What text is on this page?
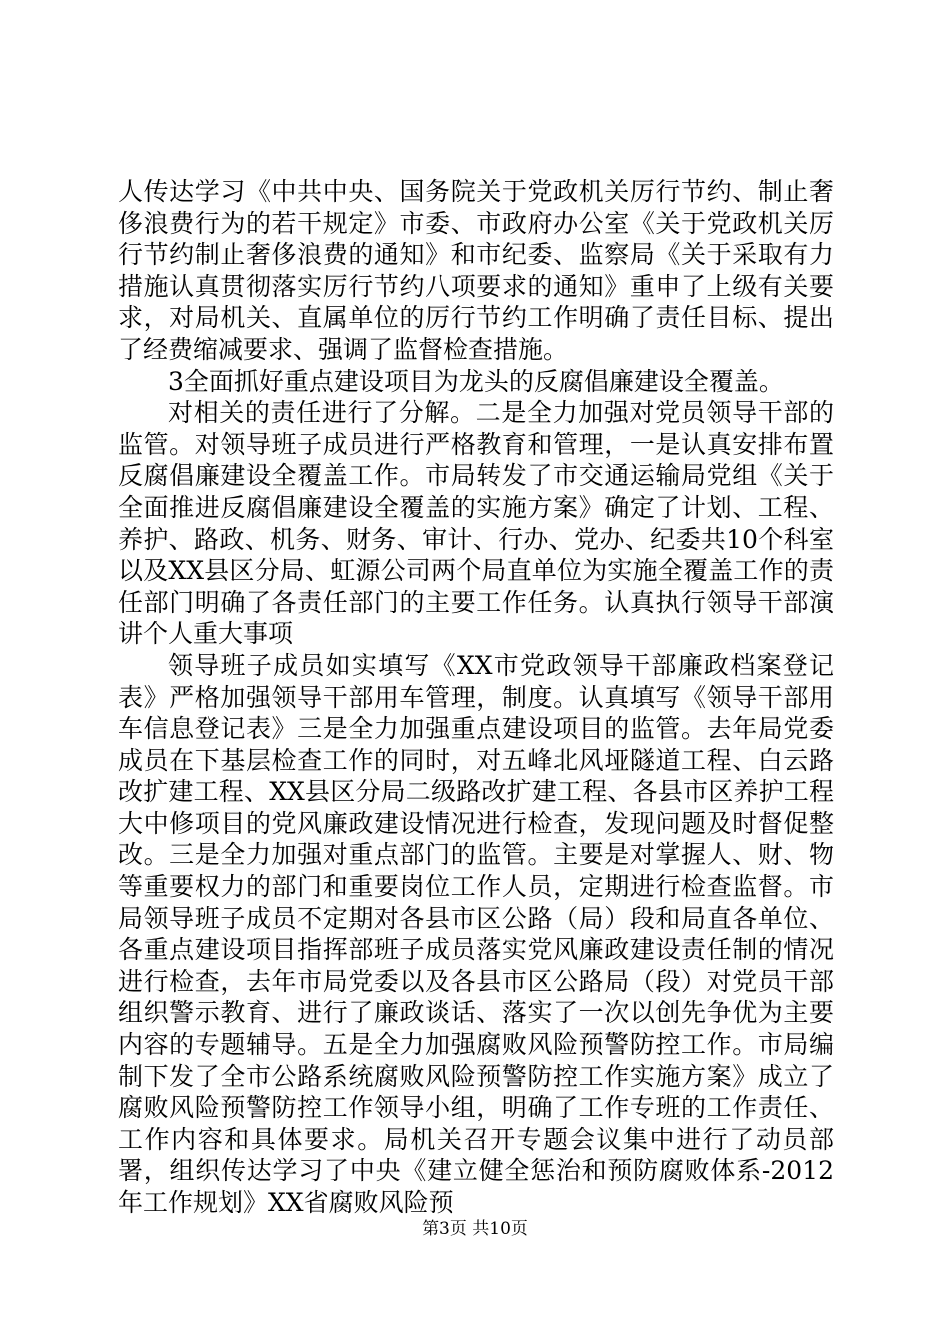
人传达学习《中共中央、国务院关于党政机关厉行节约、制止奢侈浪费行为的若干规定》市委、市政府办公室《关于党政机关厉行节约制止奢侈浪费的通知》和市纪委、监察局《关于采取有力措施认真贯彻落实厉行节约八项要求的通知》重申了上级有关要求，对局机关、直属单位的厉行节约工作明确了责任目标、提出了经费缩减要求、强调了监督检查措施。

3全面抓好重点建设项目为龙头的反腐倡廉建设全覆盖。

对相关的责任进行了分解。二是全力加强对党员领导干部的监管。对领导班子成员进行严格教育和管理，一是认真安排布置反腐倡廉建设全覆盖工作。市局转发了市交通运输局党组《关于全面推进反腐倡廉建设全覆盖的实施方案》确定了计划、工程、养护、路政、机务、财务、审计、行办、党办、纪委共10个科室以及XX县区分局、虹源公司两个局直单位为实施全覆盖工作的责任部门明确了各责任部门的主要工作任务。认真执行领导干部演讲个人重大事项

领导班子成员如实填写《XX市党政领导干部廉政档案登记表》严格加强领导干部用车管理，制度。认真填写《领导干部用车信息登记表》三是全力加强重点建设项目的监管。去年局党委成员在下基层检查工作的同时，对五峰北风垭隧道工程、白云路改扩建工程、XX县区分局二级路改扩建工程、各县市区养护工程大中修项目的党风廉政建设情况进行检查，发现问题及时督促整改。三是全力加强对重点部门的监管。主要是对掌握人、财、物等重要权力的部门和重要岗位工作人员，定期进行检查监督。市局领导班子成员不定期对各县市区公路（局）段和局直各单位、各重点建设项目指挥部班子成员落实党风廉政建设责任制的情况进行检查，去年市局党委以及各县市区公路局（段）对党员干部组织警示教育、进行了廉政谈话、落实了一次以创先争优为主要内容的专题辅导。五是全力加强腐败风险预警防控工作。市局编制下发了全市公路系统腐败风险预警防控工作实施方案》成立了腐败风险预警防控工作领导小组，明确了工作专班的工作责任、工作内容和具体要求。局机关召开专题会议集中进行了动员部署，组织传达学习了中央《建立健全惩治和预防腐败体系-2012年工作规划》XX省腐败风险预

第3页 共10页
